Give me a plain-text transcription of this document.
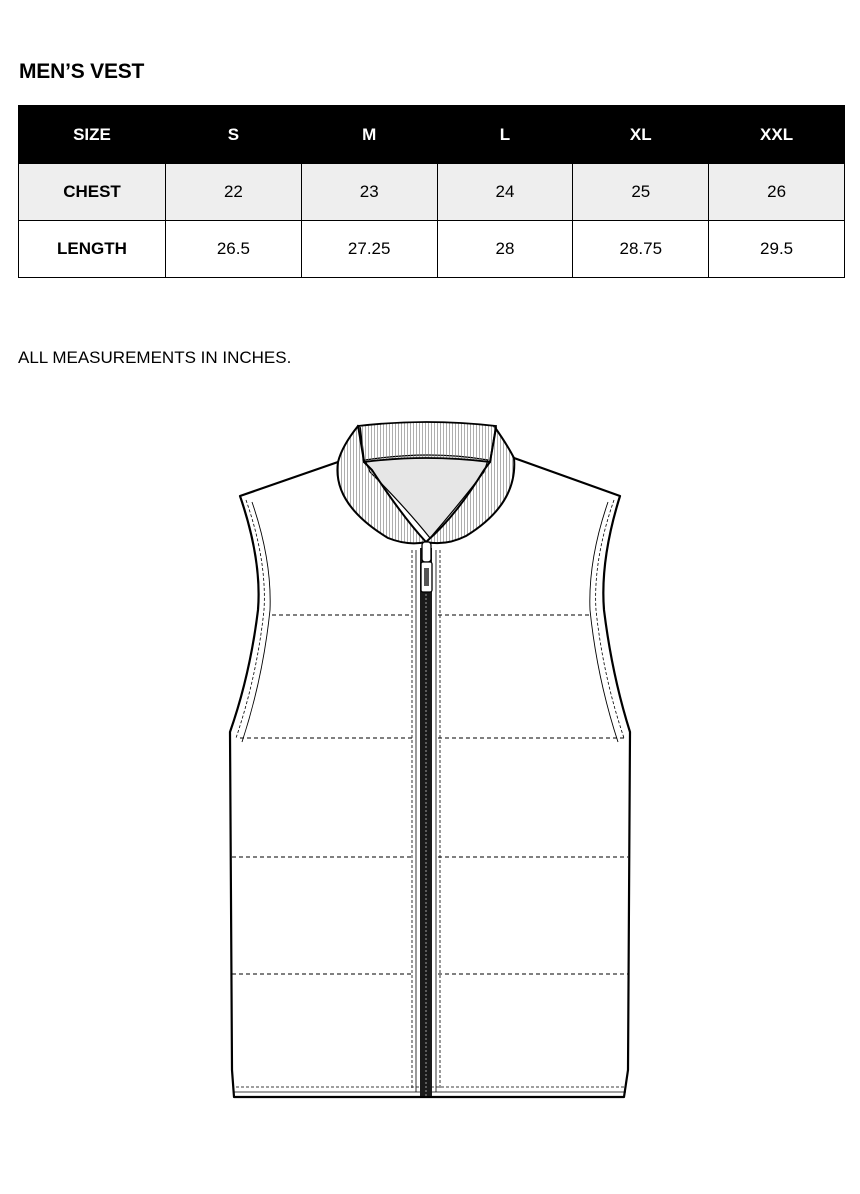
MEN’S VEST
SIZE	S	M	L	XL	XXL
CHEST	22	23	24	25	26
LENGTH	26.5	27.25	28	28.75	29.5
ALL MEASUREMENTS IN INCHES.
